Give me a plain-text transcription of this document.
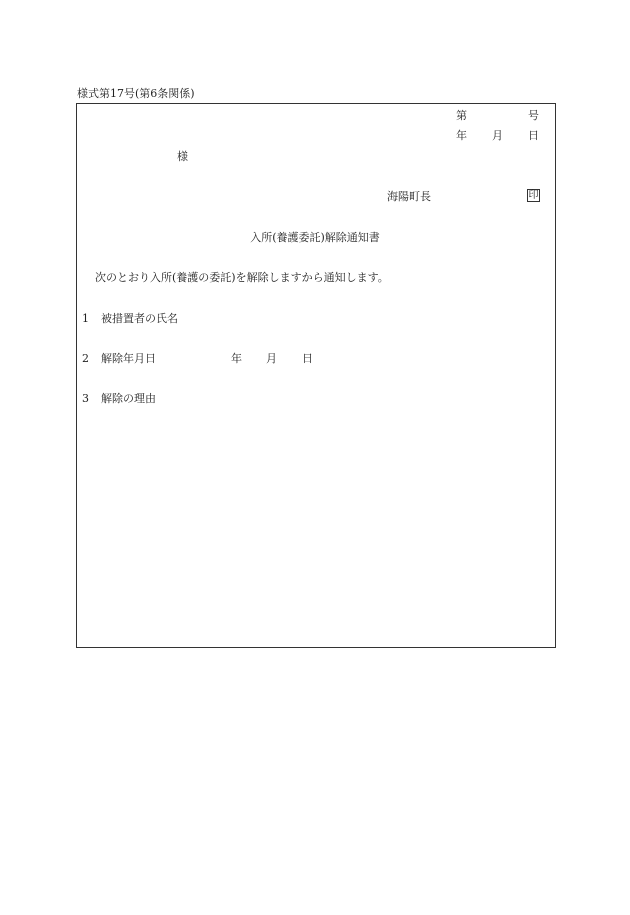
様式第17号(第6条関係)
第	号
年 月 日
様
海陽町長	印
入所(養護委託)解除通知書
次のとおり入所(養護の委託)を解除しますから通知します。
1 被措置者の氏名
2 解除年月日	年 月 日
3 解除の理由
